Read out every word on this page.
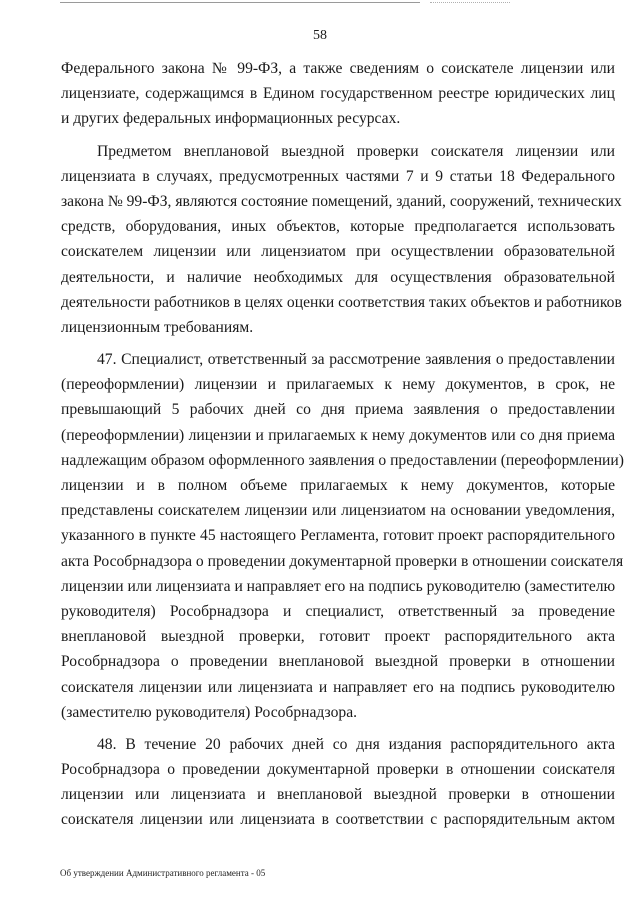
58
Федерального закона № 99-ФЗ, а также сведениям о соискателе лицензии или
лицензиате, содержащимся в Едином государственном реестре юридических лиц
и других федеральных информационных ресурсах.
Предметом внеплановой выездной проверки соискателя лицензии или
лицензиата в случаях, предусмотренных частями 7 и 9 статьи 18 Федерального
закона № 99-ФЗ, являются состояние помещений, зданий, сооружений, технических
средств, оборудования, иных объектов, которые предполагается использовать
соискателем лицензии или лицензиатом при осуществлении образовательной
деятельности, и наличие необходимых для осуществления образовательной
деятельности работников в целях оценки соответствия таких объектов и работников
лицензионным требованиям.
47. Специалист, ответственный за рассмотрение заявления о предоставлении
(переоформлении) лицензии и прилагаемых к нему документов, в срок, не
превышающий 5 рабочих дней со дня приема заявления о предоставлении
(переоформлении) лицензии и прилагаемых к нему документов или со дня приема
надлежащим образом оформленного заявления о предоставлении (переоформлении)
лицензии и в полном объеме прилагаемых к нему документов, которые
представлены соискателем лицензии или лицензиатом на основании уведомления,
указанного в пункте 45 настоящего Регламента, готовит проект распорядительного
акта Рособрнадзора о проведении документарной проверки в отношении соискателя
лицензии или лицензиата и направляет его на подпись руководителю (заместителю
руководителя) Рособрнадзора и специалист, ответственный за проведение
внеплановой выездной проверки, готовит проект распорядительного акта
Рособрнадзора о проведении внеплановой выездной проверки в отношении
соискателя лицензии или лицензиата и направляет его на подпись руководителю
(заместителю руководителя) Рособрнадзора.
48. В течение 20 рабочих дней со дня издания распорядительного акта
Рособрнадзора о проведении документарной проверки в отношении соискателя
лицензии или лицензиата и внеплановой выездной проверки в отношении
соискателя лицензии или лицензиата в соответствии с распорядительным актом
Об утверждении Административного регламента - 05
